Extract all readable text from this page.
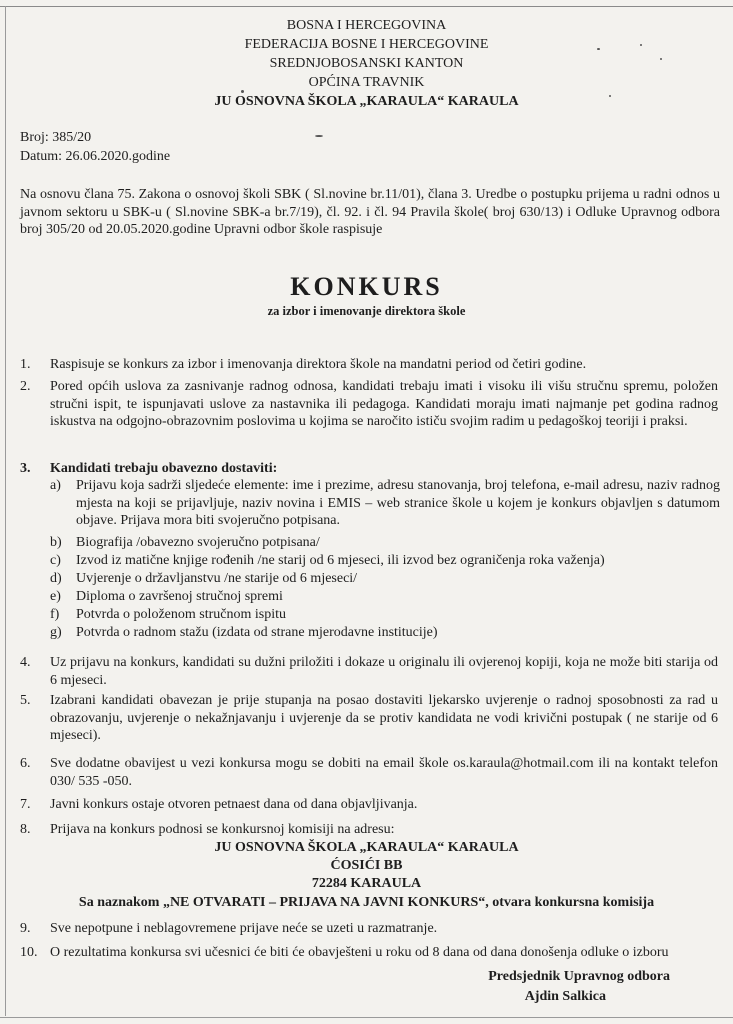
BOSNA I HERCEGOVINA
FEDERACIJA BOSNE I HERCEGOVINE
SREDNJOBOSANSKI KANTON
OPĆINA TRAVNIK
JU OSNOVNA ŠKOLA „KARAULA“ KARAULA
Broj: 385/20
Datum: 26.06.2020.godine
Na osnovu člana 75. Zakona o osnovoj školi SBK ( Sl.novine br.11/01), člana 3. Uredbe o postupku prijema u radni odnos u javnom sektoru u SBK-u ( Sl.novine SBK-a br.7/19), čl. 92. i čl. 94 Pravila škole( broj 630/13) i Odluke Upravnog odbora broj 305/20 od 20.05.2020.godine Upravni odbor škole raspisuje
KONKURS
za izbor i imenovanje direktora škole
1.	Raspisuje se konkurs za izbor i imenovanja direktora škole na mandatni period od četiri godine.
2.	Pored općih uslova za zasnivanje radnog odnosa, kandidati trebaju imati i visoku ili višu stručnu spremu, položen stručni ispit, te ispunjavati uslove za nastavnika ili pedagoga. Kandidati moraju imati najmanje pet godina radnog iskustva na odgojno-obrazovnim poslovima u kojima se naročito ističu svojim radim u pedagoškoj teoriji i praksi.
3.	Kandidati trebaju obavezno dostaviti:
a)	Prijavu koja sadrži sljedeće elemente: ime i prezime, adresu stanovanja, broj telefona, e-mail adresu, naziv radnog mjesta na koji se prijavljuje, naziv novina i EMIS – web stranice škole u kojem je konkurs objavljen s datumom objave. Prijava mora biti svojeručno potpisana.
b)	Biografija /obavezno svojeručno potpisana/
c)	Izvod iz matične knjige rođenih /ne starij od 6 mjeseci, ili izvod bez ograničenja roka važenja)
d)	Uvjerenje o državljanstvu /ne starije od 6 mjeseci/
e)	Diploma o završenoj stručnoj spremi
f)	Potvrda o položenom stručnom ispitu
g)	Potvrda o radnom stažu (izdata od strane mjerodavne institucije)
4.	Uz prijavu na konkurs, kandidati su dužni priložiti i dokaze u originalu ili ovjerenoj kopiji, koja ne može biti starija od 6 mjeseci.
5.	Izabrani kandidati obavezan je prije stupanja na posao dostaviti ljekarsko uvjerenje o radnoj sposobnosti za rad u obrazovanju, uvjerenje o nekažnjavanju i uvjerenje da se protiv kandidata ne vodi krivični postupak ( ne starije od 6 mjeseci).
6.	Sve dodatne obavijest u vezi konkursa mogu se dobiti na email škole os.karaula@hotmail.com ili na kontakt telefon 030/ 535 -050.
7.	Javni konkurs ostaje otvoren petnaest dana od dana objavljivanja.
8.	Prijava na konkurs podnosi se konkursnoj komisiji na adresu:
JU OSNOVNA ŠKOLA „KARAULA“ KARAULA
ĆOSIĆI BB
72284 KARAULA
Sa naznakom „NE OTVARATI – PRIJAVA NA JAVNI KONKURS“, otvara konkursna komisija
9.	Sve nepotpune i neblagovremene prijave neće se uzeti u razmatranje.
10. O rezultatima konkursa svi učesnici će biti će obavješteni u roku od 8 dana od dana donošenja odluke o izboru
Predsjednik Upravnog odbora
Ajdin Salkica
